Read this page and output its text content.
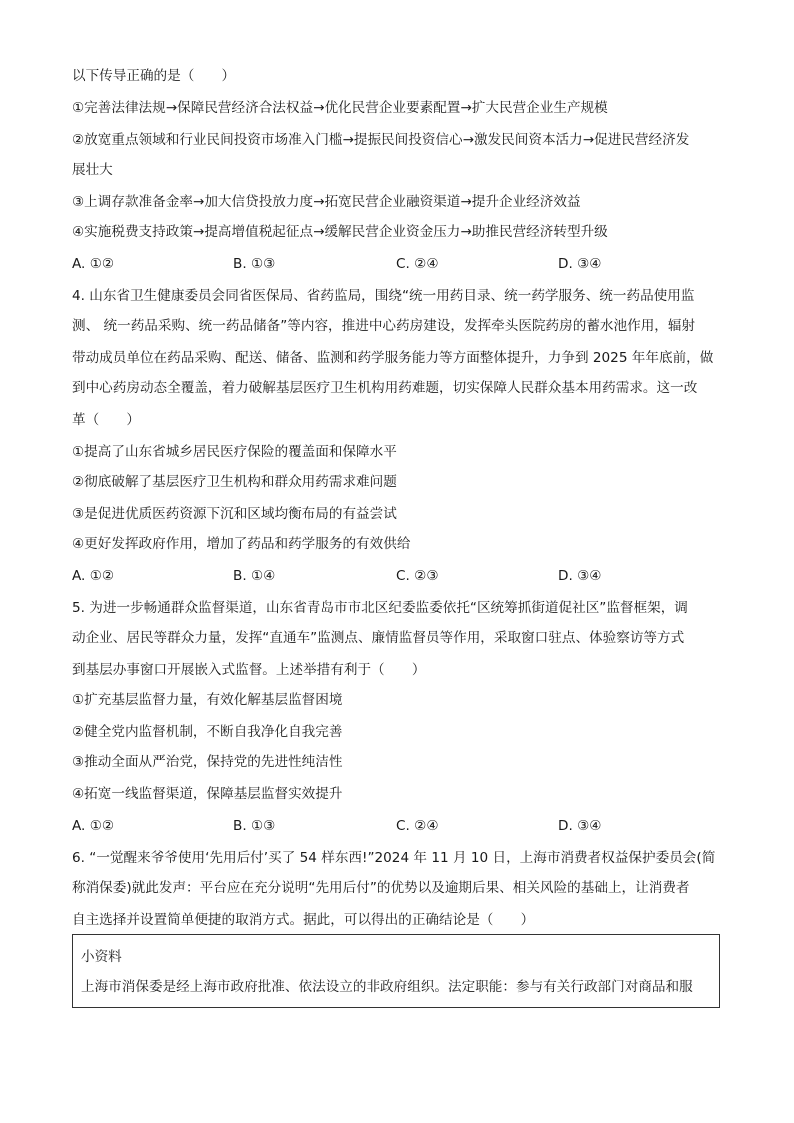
以下传导正确的是（　　）
①完善法律法规→保障民营经济合法权益→优化民营企业要素配置→扩大民营企业生产规模
②放宽重点领域和行业民间投资市场准入门槛→提振民间投资信心→激发民间资本活力→促进民营经济发
展壮大
③上调存款准备金率→加大信贷投放力度→拓宽民营企业融资渠道→提升企业经济效益
④实施税费支持政策→提高增值税起征点→缓解民营企业资金压力→助推民营经济转型升级
A. ①②	B. ①③	C. ②④	D. ③④
4. 山东省卫生健康委员会同省医保局、省药监局，围绕“统一用药目录、统一药学服务、统一药品使用监
测、 统一药品采购、统一药品储备”等内容，推进中心药房建设，发挥牵头医院药房的蓄水池作用，辐射
带动成员单位在药品采购、配送、储备、监测和药学服务能力等方面整体提升，力争到 2025 年年底前，做
到中心药房动态全覆盖，着力破解基层医疗卫生机构用药难题，切实保障人民群众基本用药需求。这一改
革（　　）
①提高了山东省城乡居民医疗保险的覆盖面和保障水平
②彻底破解了基层医疗卫生机构和群众用药需求难问题
③是促进优质医药资源下沉和区域均衡布局的有益尝试
④更好发挥政府作用，增加了药品和药学服务的有效供给
A. ①②	B. ①④	C. ②③	D. ③④
5. 为进一步畅通群众监督渠道，山东省青岛市市北区纪委监委依托“区统筹抓街道促社区”监督框架，调
动企业、居民等群众力量，发挥“直通车”监测点、廉情监督员等作用，采取窗口驻点、体验察访等方式
到基层办事窗口开展嵌入式监督。上述举措有利于（　　）
①扩充基层监督力量，有效化解基层监督困境
②健全党内监督机制，不断自我净化自我完善
③推动全面从严治党，保持党的先进性纯洁性
④拓宽一线监督渠道，保障基层监督实效提升
A. ①②	B. ①③	C. ②④	D. ③④
6. “一觉醒来爷爷使用‘先用后付’买了 54 样东西!”2024 年 11 月 10 日，上海市消费者权益保护委员会(简
称消保委)就此发声：平台应在充分说明“先用后付”的优势以及逾期后果、相关风险的基础上，让消费者
自主选择并设置简单便捷的取消方式。据此，可以得出的正确结论是（　　）
小资料
上海市消保委是经上海市政府批准、依法设立的非政府组织。法定职能：参与有关行政部门对商品和服
